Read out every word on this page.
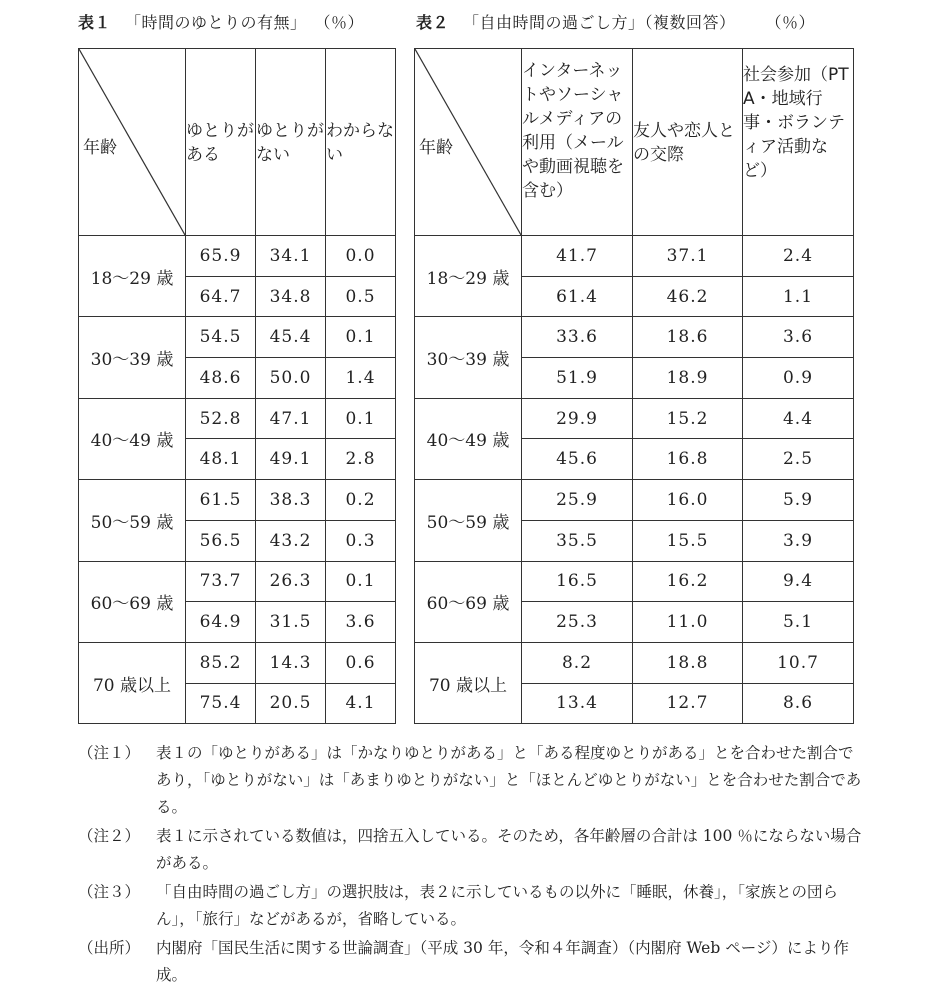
表１ 「時間のゆとりの有無」 （％）	表２ 「自由時間の過ごし方」（複数回答） （％）
年齢	ゆとりがある	ゆとりがない	わからない
18〜29 歳	65.9	34.1	0.0
	64.7	34.8	0.5
30〜39 歳	54.5	45.4	0.1
	48.6	50.0	1.4
40〜49 歳	52.8	47.1	0.1
	48.1	49.1	2.8
50〜59 歳	61.5	38.3	0.2
	56.5	43.2	0.3
60〜69 歳	73.7	26.3	0.1
	64.9	31.5	3.6
70 歳以上	85.2	14.3	0.6
	75.4	20.5	4.1
年齢	インターネットやソーシャルメディアの利用（メールや動画視聴を含む）	友人や恋人との交際	社会参加（PTA・地域行事・ボランティア活動など）
18〜29 歳	41.7	37.1	2.4
	61.4	46.2	1.1
30〜39 歳	33.6	18.6	3.6
	51.9	18.9	0.9
40〜49 歳	29.9	15.2	4.4
	45.6	16.8	2.5
50〜59 歳	25.9	16.0	5.9
	35.5	15.5	3.9
60〜69 歳	16.5	16.2	9.4
	25.3	11.0	5.1
70 歳以上	8.2	18.8	10.7
	13.4	12.7	8.6
（注１） 表１の「ゆとりがある」は「かなりゆとりがある」と「ある程度ゆとりがある」とを合わせた割合であり，「ゆとりがない」は「あまりゆとりがない」と「ほとんどゆとりがない」とを合わせた割合である。
（注２） 表１に示されている数値は，四捨五入している。そのため，各年齢層の合計は 100 ％にならない場合がある。
（注３） 「自由時間の過ごし方」の選択肢は，表２に示しているもの以外に「睡眠，休養」，「家族との団らん」，「旅行」などがあるが，省略している。
（出所） 内閣府「国民生活に関する世論調査」（平成 30 年，令和４年調査）（内閣府 Web ページ）により作成。
